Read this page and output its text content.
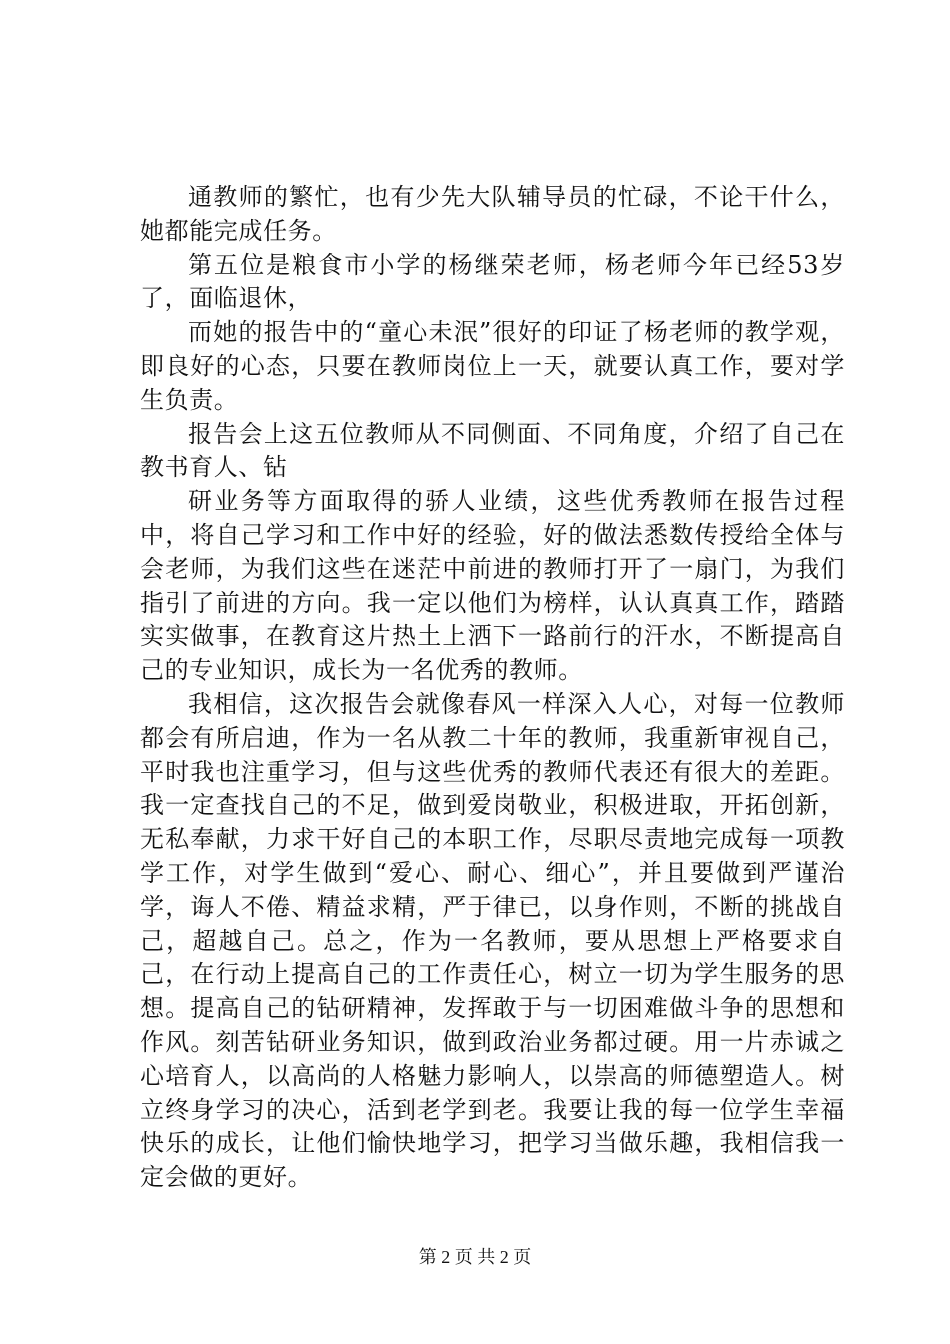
通教师的繁忙，也有少先大队辅导员的忙碌，不论干什么，她都能完成任务。

第五位是粮食市小学的杨继荣老师，杨老师今年已经53岁了，面临退休，

而她的报告中的“童心未泯”很好的印证了杨老师的教学观，即良好的心态，只要在教师岗位上一天，就要认真工作，要对学生负责。

报告会上这五位教师从不同侧面、不同角度，介绍了自己在教书育人、钻

研业务等方面取得的骄人业绩，这些优秀教师在报告过程中，将自己学习和工作中好的经验，好的做法悉数传授给全体与会老师，为我们这些在迷茫中前进的教师打开了一扇门，为我们指引了前进的方向。我一定以他们为榜样，认认真真工作，踏踏实实做事，在教育这片热土上洒下一路前行的汗水，不断提高自己的专业知识，成长为一名优秀的教师。

我相信，这次报告会就像春风一样深入人心，对每一位教师都会有所启迪，作为一名从教二十年的教师，我重新审视自己，平时我也注重学习，但与这些优秀的教师代表还有很大的差距。我一定查找自己的不足，做到爱岗敬业，积极进取，开拓创新，无私奉献，力求干好自己的本职工作，尽职尽责地完成每一项教学工作，对学生做到“爱心、耐心、细心”，并且要做到严谨治学，诲人不倦、精益求精，严于律已，以身作则，不断的挑战自己，超越自己。总之，作为一名教师，要从思想上严格要求自己，在行动上提高自己的工作责任心，树立一切为学生服务的思想。提高自己的钻研精神，发挥敢于与一切困难做斗争的思想和作风。刻苦钻研业务知识，做到政治业务都过硬。用一片赤诚之心培育人，以高尚的人格魅力影响人，以崇高的师德塑造人。树立终身学习的决心，活到老学到老。我要让我的每一位学生幸福快乐的成长，让他们愉快地学习，把学习当做乐趣，我相信我一定会做的更好。

第 2 页 共 2 页
